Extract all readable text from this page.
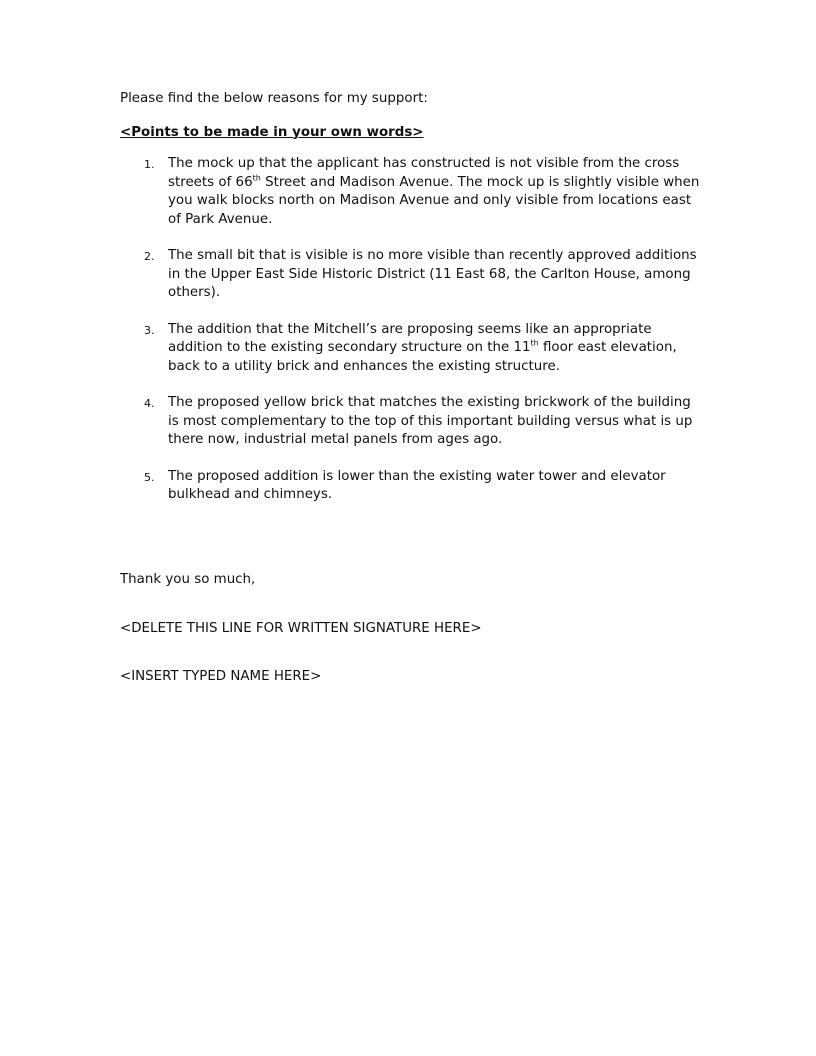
Please find the below reasons for my support:

<Points to be made in your own words>

1. The mock up that the applicant has constructed is not visible from the cross streets of 66th Street and Madison Avenue. The mock up is slightly visible when you walk blocks north on Madison Avenue and only visible from locations east of Park Avenue.
2. The small bit that is visible is no more visible than recently approved additions in the Upper East Side Historic District (11 East 68, the Carlton House, among others).
3. The addition that the Mitchell’s are proposing seems like an appropriate addition to the existing secondary structure on the 11th floor east elevation, back to a utility brick and enhances the existing structure.
4. The proposed yellow brick that matches the existing brickwork of the building is most complementary to the top of this important building versus what is up there now, industrial metal panels from ages ago.
5. The proposed addition is lower than the existing water tower and elevator bulkhead and chimneys.

Thank you so much,

<DELETE THIS LINE FOR WRITTEN SIGNATURE HERE>

<INSERT TYPED NAME HERE>
